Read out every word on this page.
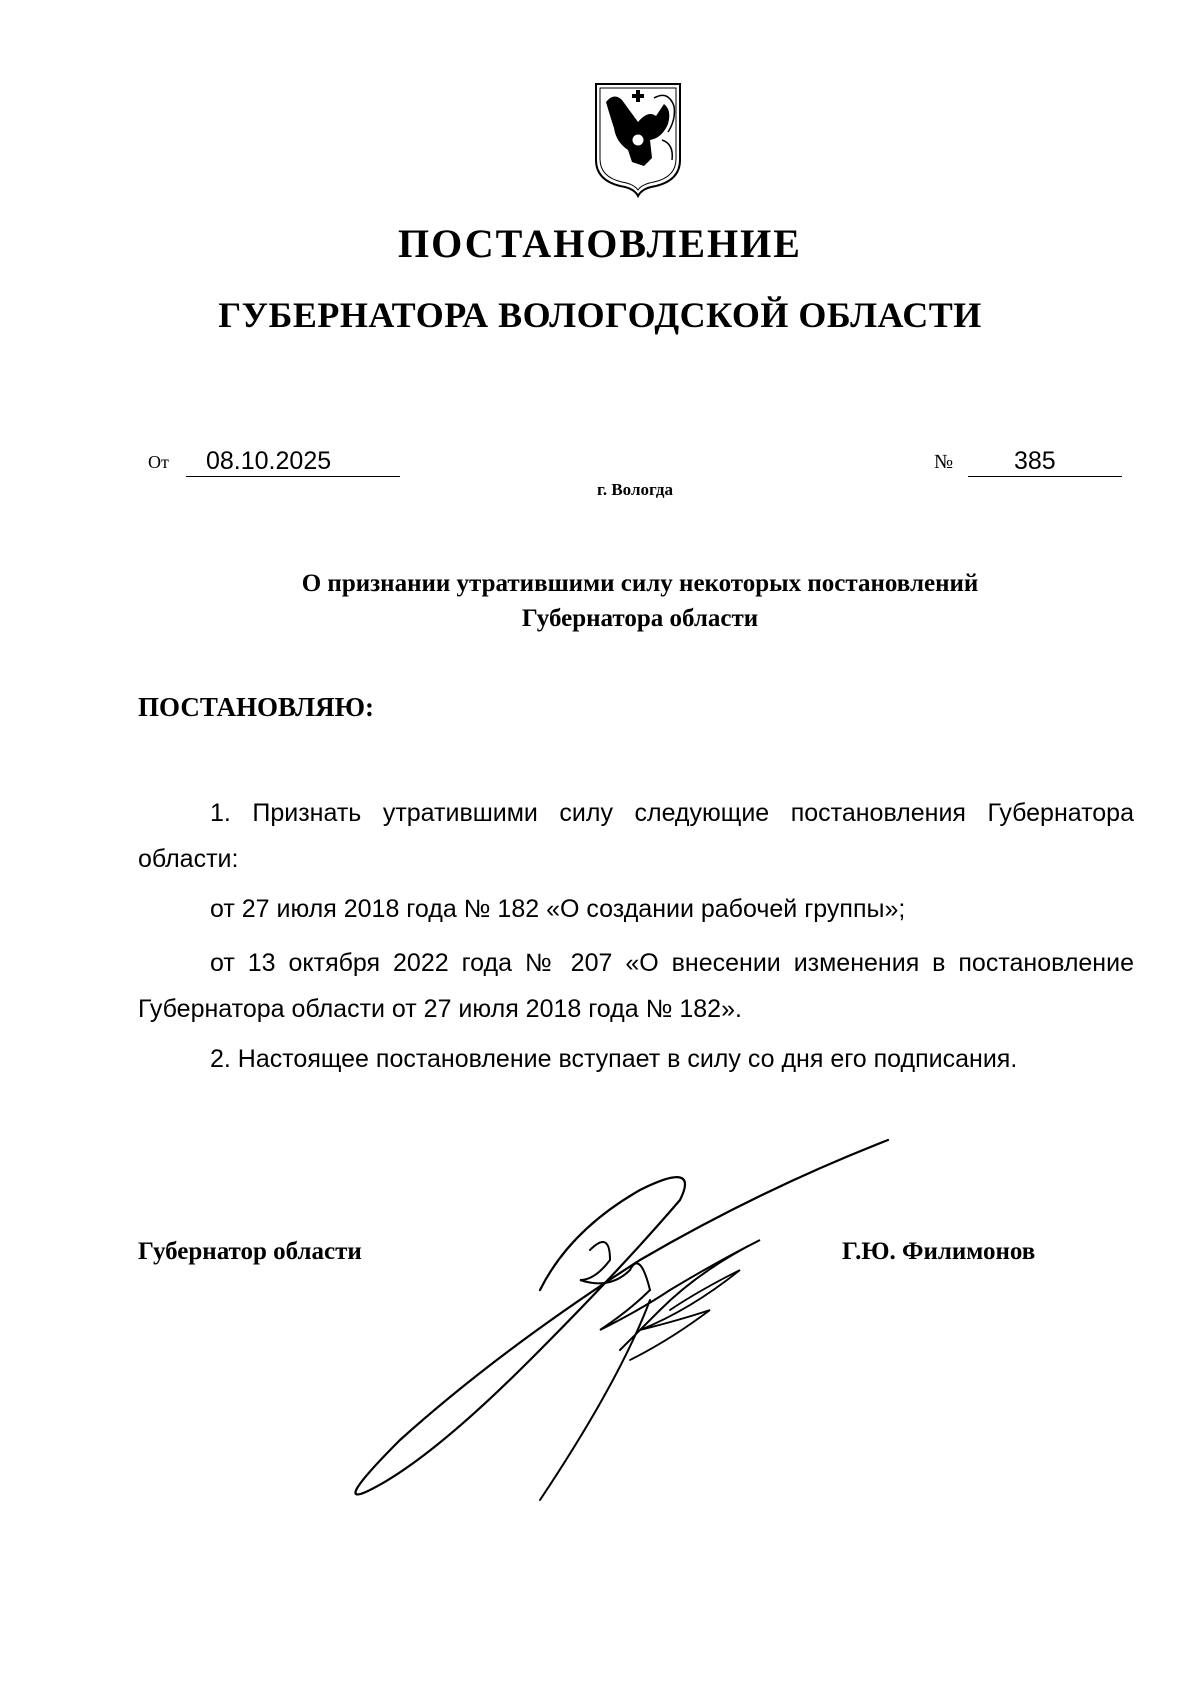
ПОСТАНОВЛЕНИЕ
ГУБЕРНАТОРА ВОЛОГОДСКОЙ ОБЛАСТИ
От	08.10.2025	№	385
г. Вологда
О признании утратившими силу некоторых постановлений
Губернатора области

ПОСТАНОВЛЯЮ:

1. Признать утратившими силу следующие постановления Губернатора области:

от 27 июля 2018 года № 182 «О создании рабочей группы»;

от 13 октября 2022 года № 207 «О внесении изменения в постановление Губернатора области от 27 июля 2018 года № 182».

2. Настоящее постановление вступает в силу со дня его подписания.

Губернатор области	Г.Ю. Филимонов
